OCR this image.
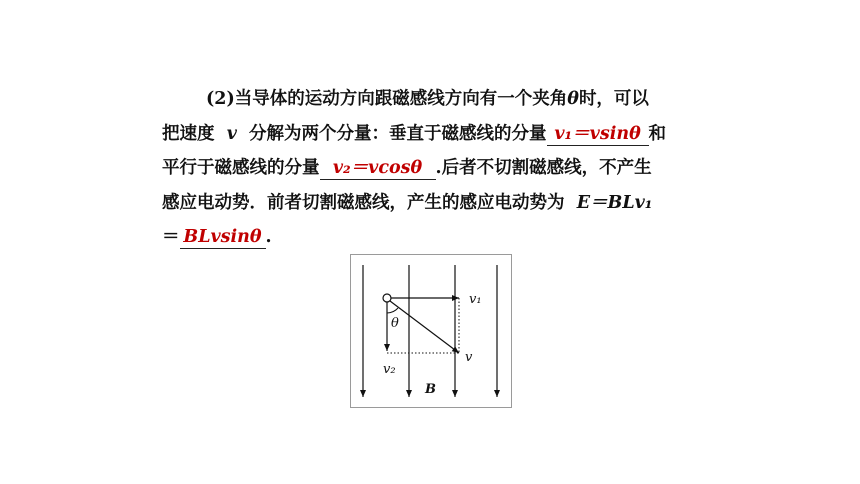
(2)当导体的运动方向跟磁感线方向有一个夹角θ时，可以
把速度 v 分解为两个分量：垂直于磁感线的分量 v₁＝vsinθ 和
平行于磁感线的分量 v₂＝vcosθ .后者不切割磁感线，不产生
感应电动势．前者切割磁感线，产生的感应电动势为 E＝BLv₁
＝ BLvsinθ .
v₁
v₂
v
θ
B
